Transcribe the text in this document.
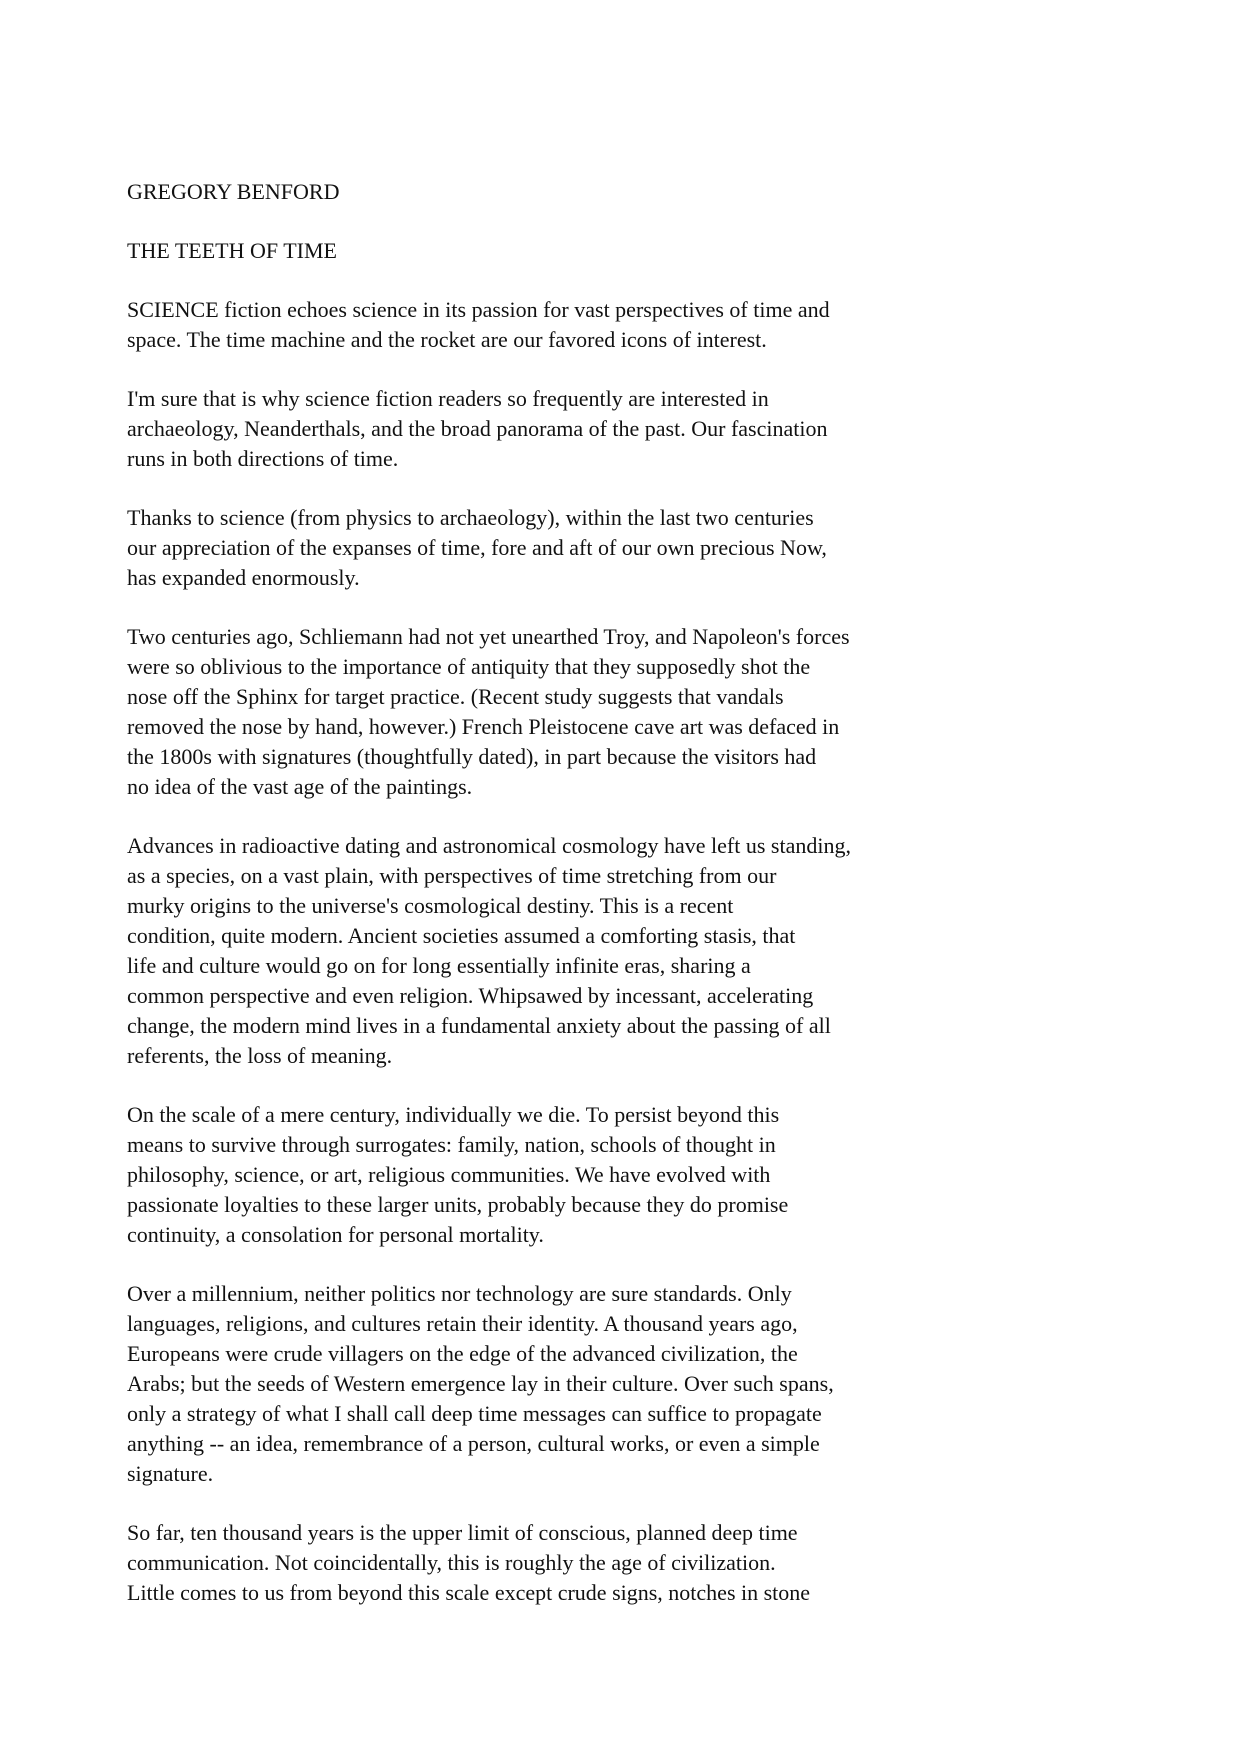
GREGORY BENFORD
THE TEETH OF TIME
SCIENCE fiction echoes science in its passion for vast perspectives of time and
space. The time machine and the rocket are our favored icons of interest.
I'm sure that is why science fiction readers so frequently are interested in
archaeology, Neanderthals, and the broad panorama of the past. Our fascination
runs in both directions of time.
Thanks to science (from physics to archaeology), within the last two centuries
our appreciation of the expanses of time, fore and aft of our own precious Now,
has expanded enormously.
Two centuries ago, Schliemann had not yet unearthed Troy, and Napoleon's forces
were so oblivious to the importance of antiquity that they supposedly shot the
nose off the Sphinx for target practice. (Recent study suggests that vandals
removed the nose by hand, however.) French Pleistocene cave art was defaced in
the 1800s with signatures (thoughtfully dated), in part because the visitors had
no idea of the vast age of the paintings.
Advances in radioactive dating and astronomical cosmology have left us standing,
as a species, on a vast plain, with perspectives of time stretching from our
murky origins to the universe's cosmological destiny. This is a recent
condition, quite modern. Ancient societies assumed a comforting stasis, that
life and culture would go on for long essentially infinite eras, sharing a
common perspective and even religion. Whipsawed by incessant, accelerating
change, the modern mind lives in a fundamental anxiety about the passing of all
referents, the loss of meaning.
On the scale of a mere century, individually we die. To persist beyond this
means to survive through surrogates: family, nation, schools of thought in
philosophy, science, or art, religious communities. We have evolved with
passionate loyalties to these larger units, probably because they do promise
continuity, a consolation for personal mortality.
Over a millennium, neither politics nor technology are sure standards. Only
languages, religions, and cultures retain their identity. A thousand years ago,
Europeans were crude villagers on the edge of the advanced civilization, the
Arabs; but the seeds of Western emergence lay in their culture. Over such spans,
only a strategy of what I shall call deep time messages can suffice to propagate
anything -- an idea, remembrance of a person, cultural works, or even a simple
signature.
So far, ten thousand years is the upper limit of conscious, planned deep time
communication. Not coincidentally, this is roughly the age of civilization.
Little comes to us from beyond this scale except crude signs, notches in stone
